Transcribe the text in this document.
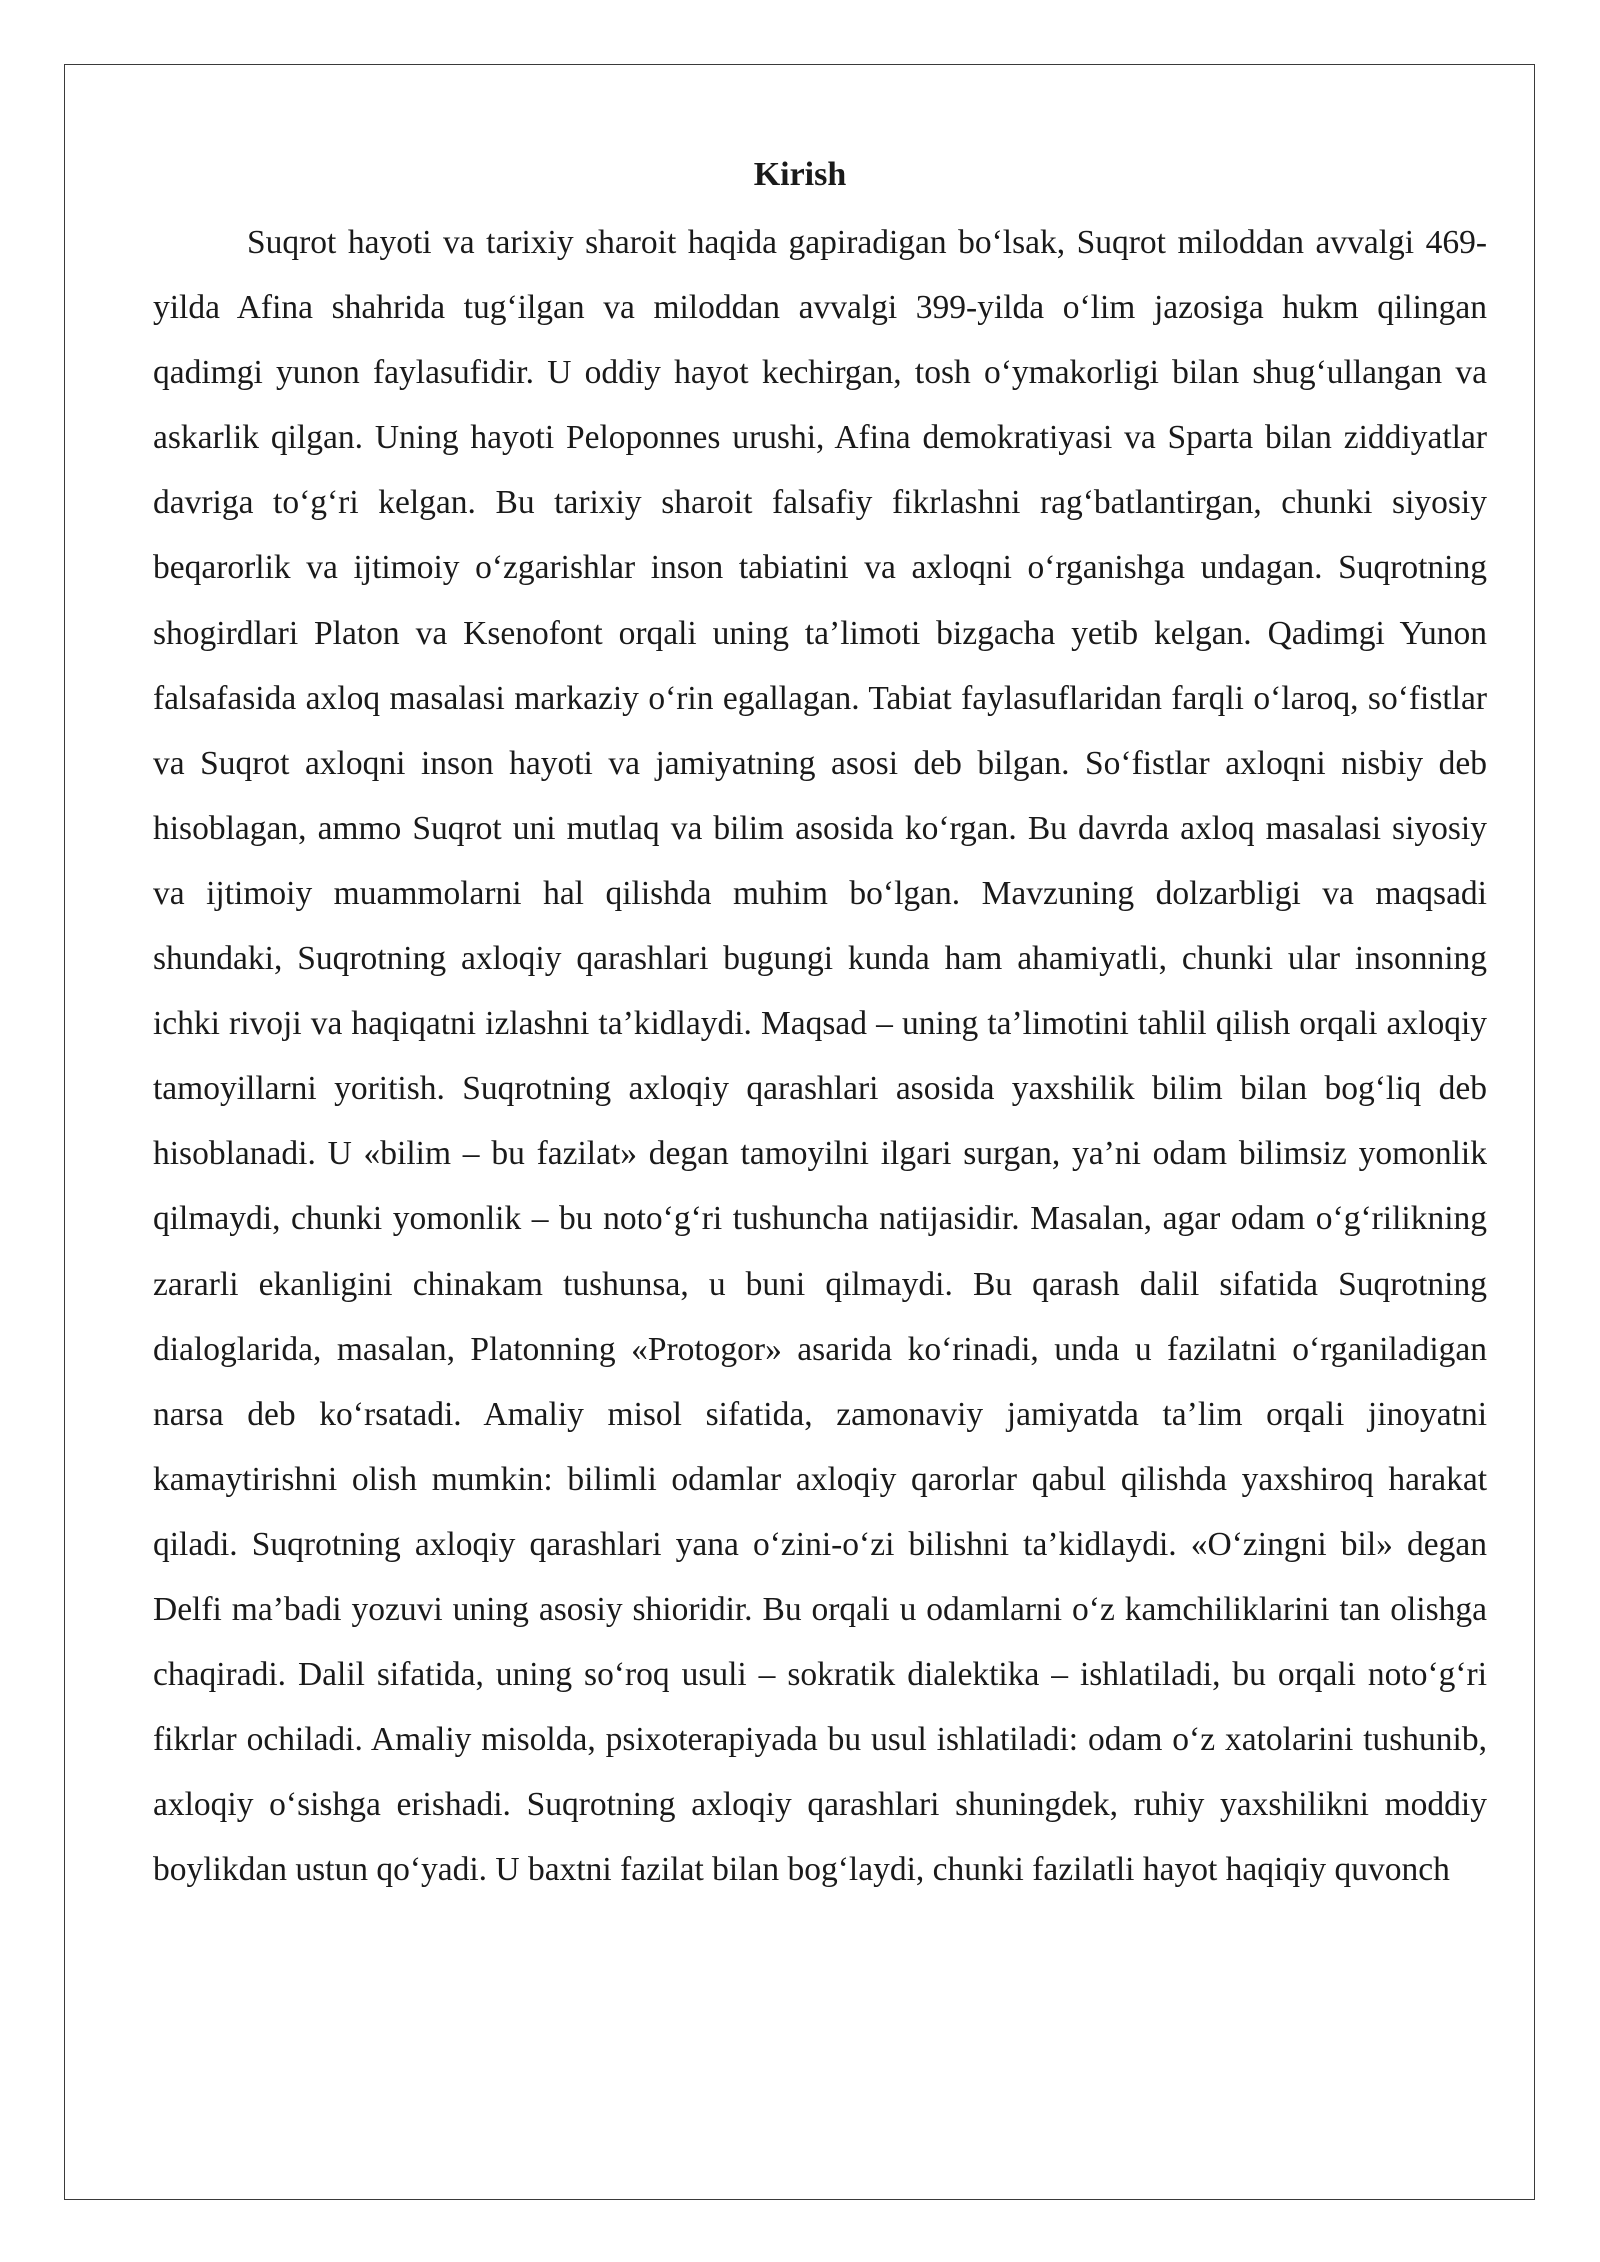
Kirish

Suqrot hayoti va tarixiy sharoit haqida gapiradigan bo‘lsak, Suqrot miloddan avvalgi 469-yilda Afina shahrida tug‘ilgan va miloddan avvalgi 399-yilda o‘lim jazosiga hukm qilingan qadimgi yunon faylasufidir. U oddiy hayot kechirgan, tosh o‘ymakorligi bilan shug‘ullangan va askarlik qilgan. Uning hayoti Peloponnes urushi, Afina demokratiyasi va Sparta bilan ziddiyatlar davriga to‘g‘ri kelgan. Bu tarixiy sharoit falsafiy fikrlashni rag‘batlantirgan, chunki siyosiy beqarorlik va ijtimoiy o‘zgarishlar inson tabiatini va axloqni o‘rganishga undagan. Suqrotning shogirdlari Platon va Ksenofont orqali uning ta’limoti bizgacha yetib kelgan. Qadimgi Yunon falsafasida axloq masalasi markaziy o‘rin egallagan. Tabiat faylasuflaridan farqli o‘laroq, so‘fistlar va Suqrot axloqni inson hayoti va jamiyatning asosi deb bilgan. So‘fistlar axloqni nisbiy deb hisoblagan, ammo Suqrot uni mutlaq va bilim asosida ko‘rgan. Bu davrda axloq masalasi siyosiy va ijtimoiy muammolarni hal qilishda muhim bo‘lgan. Mavzuning dolzarbligi va maqsadi shundaki, Suqrotning axloqiy qarashlari bugungi kunda ham ahamiyatli, chunki ular insonning ichki rivoji va haqiqatni izlashni ta’kidlaydi. Maqsad – uning ta’limotini tahlil qilish orqali axloqiy tamoyillarni yoritish. Suqrotning axloqiy qarashlari asosida yaxshilik bilim bilan bog‘liq deb hisoblanadi. U «bilim – bu fazilat» degan tamoyilni ilgari surgan, ya’ni odam bilimsiz yomonlik qilmaydi, chunki yomonlik – bu noto‘g‘ri tushuncha natijasidir. Masalan, agar odam o‘g‘rilikning zararli ekanligini chinakam tushunsa, u buni qilmaydi. Bu qarash dalil sifatida Suqrotning dialoglarida, masalan, Platonning «Protogor» asarida ko‘rinadi, unda u fazilatni o‘rganiladigan narsa deb ko‘rsatadi. Amaliy misol sifatida, zamonaviy jamiyatda ta’lim orqali jinoyatni kamaytirishni olish mumkin: bilimli odamlar axloqiy qarorlar qabul qilishda yaxshiroq harakat qiladi. Suqrotning axloqiy qarashlari yana o‘zini-o‘zi bilishni ta’kidlaydi. «O‘zingni bil» degan Delfi ma’badi yozuvi uning asosiy shioridir. Bu orqali u odamlarni o‘z kamchiliklarini tan olishga chaqiradi. Dalil sifatida, uning so‘roq usuli – sokratik dialektika – ishlatiladi, bu orqali noto‘g‘ri fikrlar ochiladi. Amaliy misolda, psixoterapiyada bu usul ishlatiladi: odam o‘z xatolarini tushunib, axloqiy o‘sishga erishadi. Suqrotning axloqiy qarashlari shuningdek, ruhiy yaxshilikni moddiy boylikdan ustun qo‘yadi. U baxtni fazilat bilan bog‘laydi, chunki fazilatli hayot haqiqiy quvonch
